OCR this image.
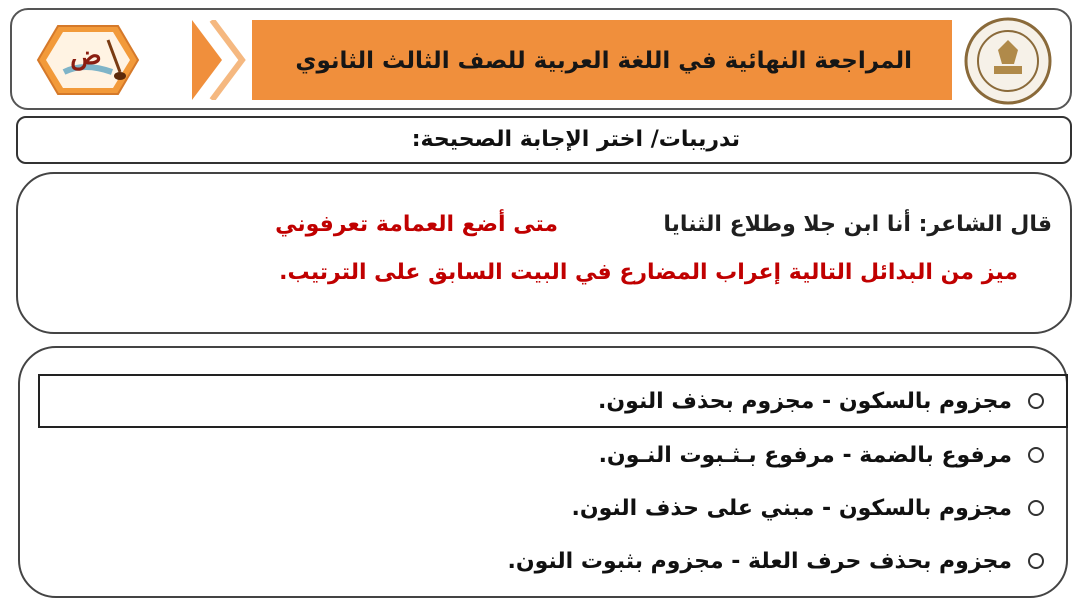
المراجعة النهائية في اللغة العربية للصف الثالث الثانوي
ض
تدريبات/ اختر الإجابة الصحيحة:
قال الشاعر: أنا ابن جلا وطلاع الثنايا  متى أضع العمامة تعرفوني
ميز من البدائل التالية إعراب المضارع في البيت السابق على الترتيب.
مجزوم بالسكون - مجزوم بحذف النون.
مرفوع بالضمة - مرفوع بـثـبوت النـون.
مجزوم بالسكون - مبني على حذف النون.
مجزوم بحذف حرف العلة - مجزوم بثبوت النون.
